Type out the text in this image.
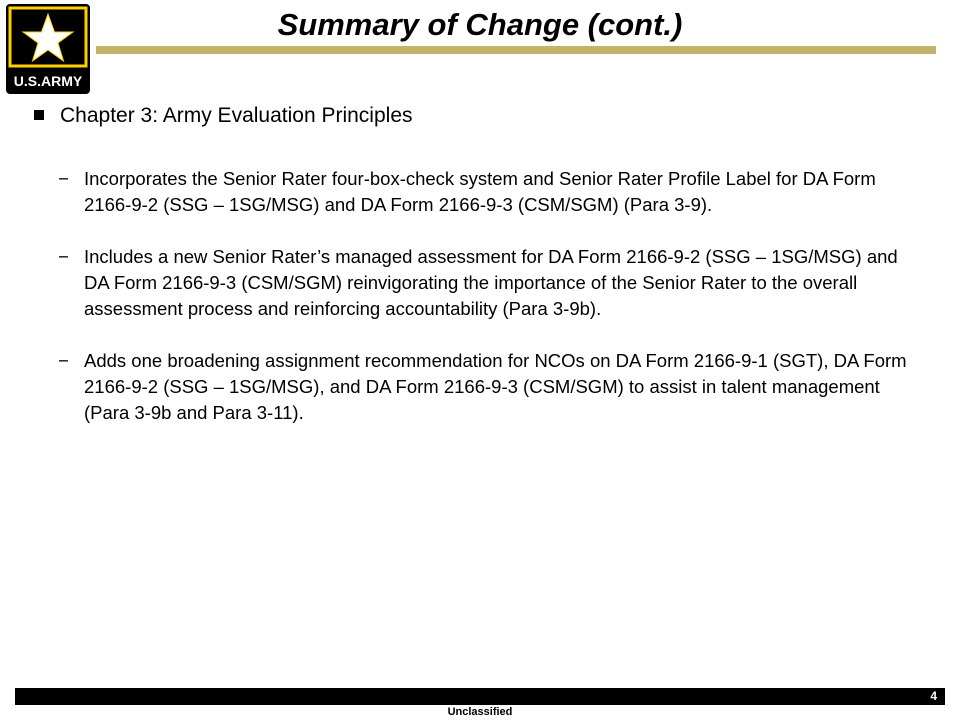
U.S.ARMY
Summary of Change (cont.)
Chapter 3: Army Evaluation Principles
− Incorporates the Senior Rater four-box-check system and Senior Rater Profile Label for DA Form 2166-9-2 (SSG – 1SG/MSG) and DA Form 2166-9-3 (CSM/SGM) (Para 3-9).
− Includes a new Senior Rater’s managed assessment for DA Form 2166-9-2 (SSG – 1SG/MSG) and DA Form 2166-9-3 (CSM/SGM) reinvigorating the importance of the Senior Rater to the overall assessment process and reinforcing accountability (Para 3-9b).
− Adds one broadening assignment recommendation for NCOs on DA Form 2166-9-1 (SGT), DA Form 2166-9-2 (SSG – 1SG/MSG), and DA Form 2166-9-3 (CSM/SGM) to assist in talent management (Para 3-9b and Para 3-11).
4
Unclassified
